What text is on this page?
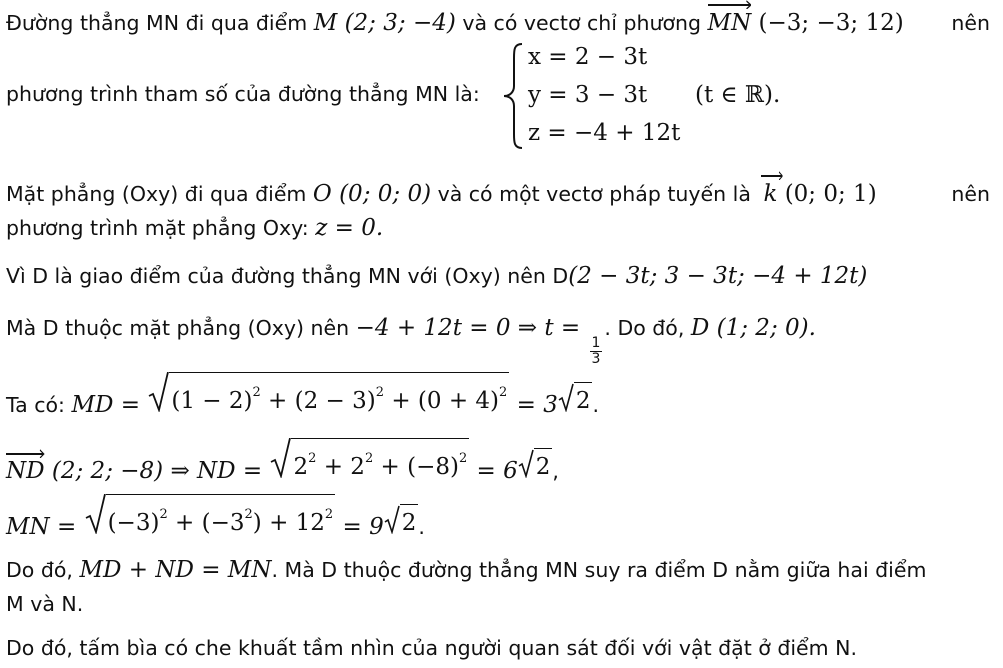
Đường thẳng MN đi qua điểm M (2; 3; −4) và có vectơ chỉ phương
MN (−3; −3; 12) nên
phương trình tham số của đường thẳng MN là:
x = 2 − 3t
y = 3 − 3t
z = −4 + 12t
(t ∈ ℝ).
Mặt phẳng (Oxy) đi qua điểm O (0; 0; 0) và có một vectơ pháp tuyến là
k (0; 0; 1)	nên
phương trình mặt phẳng Oxy: z = 0.
Vì D là giao điểm của đường thẳng MN với (Oxy) nên D(2 − 3t; 3 − 3t; −4 + 12t)
Mà D thuộc mặt phẳng (Oxy) nên −4 + 12t = 0 ⇒ t =
$\frac{1}{3}$
. Do đó, D (1; 2; 0).
Ta có: MD = $(1 - 2)^2 + (2 - 3)^2 + (0 + 4)^2 = 3$ 2 .
ND (2; 2; −8) ⇒ ND = $2^2 + 2^2 + (-8)^2 = 6$ 2 ,
MN = $(-3)^2 + (-3^2) + 12^2 = 9$ 2 .
Do đó, MD + ND = MN. Mà D thuộc đường thẳng MN suy ra điểm D nằm giữa hai điểm
M và N.
Do đó, tấm bìa có che khuất tầm nhìn của người quan sát đối với vật đặt ở điểm N.
